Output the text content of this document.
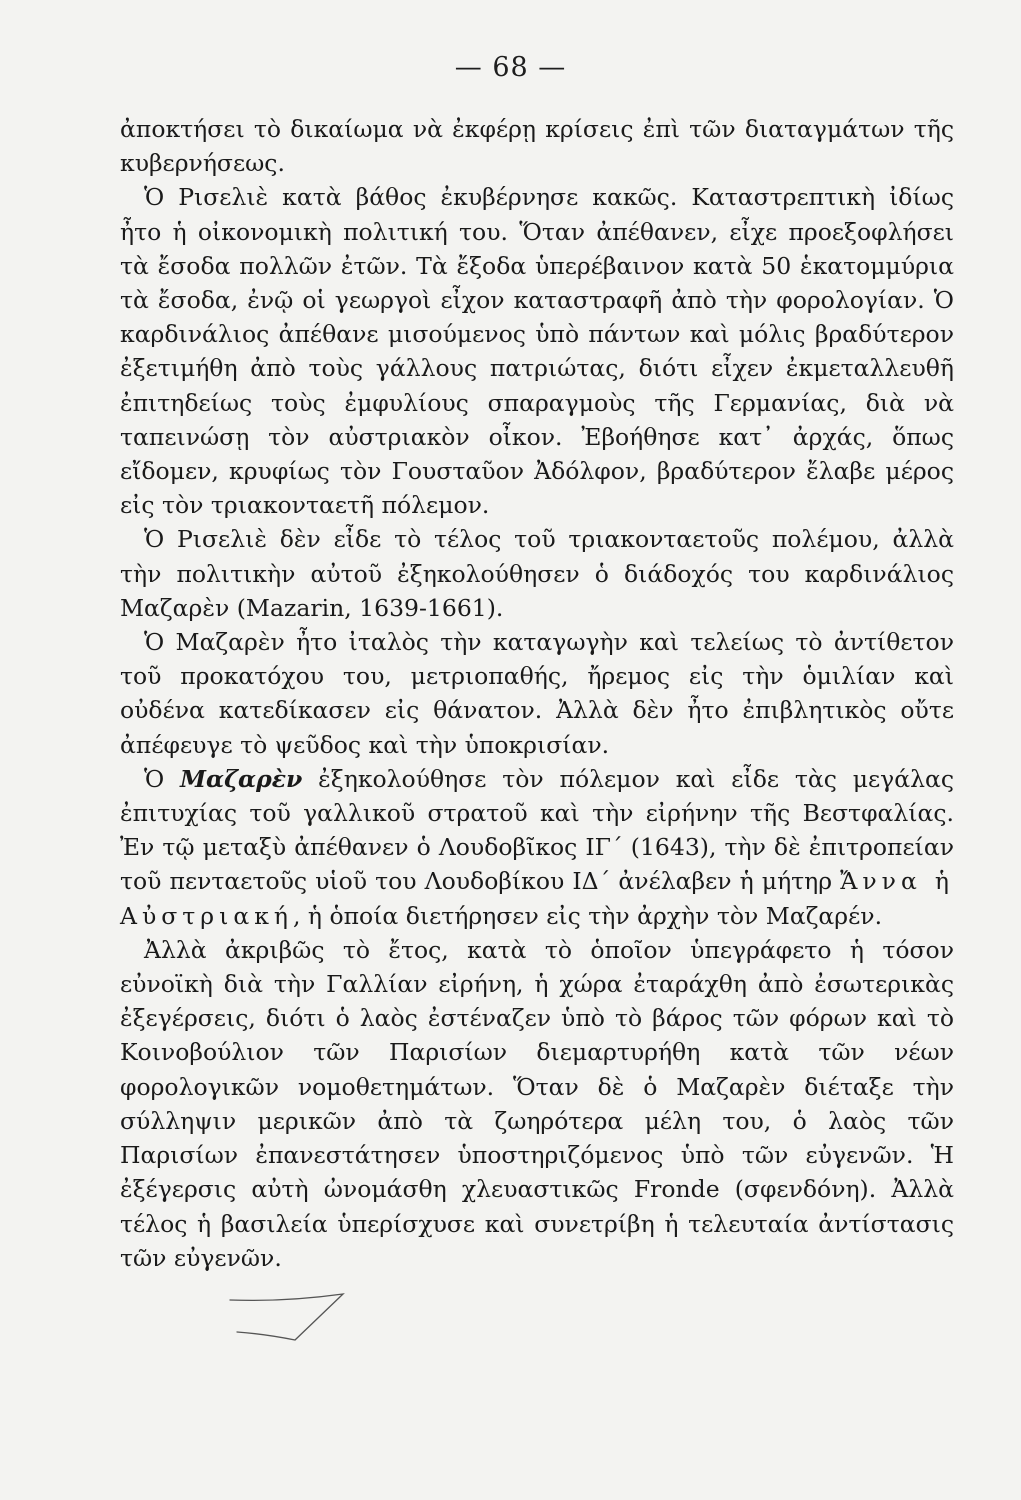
— 68 —

ἀποκτήσει τὸ δικαίωμα νὰ ἐκφέρῃ κρίσεις ἐπὶ τῶν διαταγμάτων τῆς κυβερνήσεως.

Ὁ Ρισελιὲ κατὰ βάθος ἐκυβέρνησε κακῶς. Καταστρεπτικὴ ἰδίως ἦτο ἡ οἰκονομικὴ πολιτική του. Ὅταν ἀπέθανεν, εἶχε προεξοφλήσει τὰ ἔσοδα πολλῶν ἐτῶν. Τὰ ἔξοδα ὑπερέβαινον κατὰ 50 ἑκατομμύρια τὰ ἔσοδα, ἐνῷ οἱ γεωργοὶ εἶχον καταστραφῆ ἀπὸ τὴν φορολογίαν. Ὁ καρδινάλιος ἀπέθανε μισούμενος ὑπὸ πάντων καὶ μόλις βραδύτερον ἐξετιμήθη ἀπὸ τοὺς γάλλους πατριώτας, διότι εἶχεν ἐκμεταλλευθῆ ἐπιτηδείως τοὺς ἐμφυλίους σπαραγμοὺς τῆς Γερμανίας, διὰ νὰ ταπεινώσῃ τὸν αὐστριακὸν οἶκον. Ἐβοήθησε κατ᾿ ἀρχάς, ὅπως εἴδομεν, κρυφίως τὸν Γουσταῦον Ἀδόλφον, βραδύτερον ἔλαβε μέρος εἰς τὸν τριακονταετῆ πόλεμον.

Ὁ Ρισελιὲ δὲν εἶδε τὸ τέλος τοῦ τριακονταετοῦς πολέμου, ἀλλὰ τὴν πολιτικὴν αὐτοῦ ἐξηκολούθησεν ὁ διάδοχός του καρδινάλιος Μαζαρὲν (Mazarin, 1639-1661).

Ὁ Μαζαρὲν ἦτο ἰταλὸς τὴν καταγωγὴν καὶ τελείως τὸ ἀντίθετον τοῦ προκατόχου του, μετριοπαθής, ἤρεμος εἰς τὴν ὁμιλίαν καὶ οὐδένα κατεδίκασεν εἰς θάνατον. Ἀλλὰ δὲν ἦτο ἐπιβλητικὸς οὔτε ἀπέφευγε τὸ ψεῦδος καὶ τὴν ὑποκρισίαν.

Ὁ Μαζαρὲν ἐξηκολούθησε τὸν πόλεμον καὶ εἶδε τὰς μεγάλας ἐπιτυχίας τοῦ γαλλικοῦ στρατοῦ καὶ τὴν εἰρήνην τῆς Βεστφαλίας. Ἐν τῷ μεταξὺ ἀπέθανεν ὁ Λουδοβῖκος ΙΓ΄ (1643), τὴν δὲ ἐπιτροπείαν τοῦ πενταετοῦς υἱοῦ του Λουδοβίκου ΙΔ΄ ἀνέλαβεν ἡ μήτηρ Ἄννα ἡ Αὐστριακή, ἡ ὁποία διετήρησεν εἰς τὴν ἀρχὴν τὸν Μαζαρέν.

Ἀλλὰ ἀκριβῶς τὸ ἔτος, κατὰ τὸ ὁποῖον ὑπεγράφετο ἡ τόσον εὐνοϊκὴ διὰ τὴν Γαλλίαν εἰρήνη, ἡ χώρα ἐταράχθη ἀπὸ ἐσωτερικὰς ἐξεγέρσεις, διότι ὁ λαὸς ἐστέναζεν ὑπὸ τὸ βάρος τῶν φόρων καὶ τὸ Κοινοβούλιον τῶν Παρισίων διεμαρτυρήθη κατὰ τῶν νέων φορολογικῶν νομοθετημάτων. Ὅταν δὲ ὁ Μαζαρὲν διέταξε τὴν σύλληψιν μερικῶν ἀπὸ τὰ ζωηρότερα μέλη του, ὁ λαὸς τῶν Παρισίων ἐπανεστάτησεν ὑποστηριζόμενος ὑπὸ τῶν εὐγενῶν. Ἡ ἐξέγερσις αὐτὴ ὠνομάσθη χλευαστικῶς Fronde (σφενδόνη). Ἀλλὰ τέλος ἡ βασιλεία ὑπερίσχυσε καὶ συνετρίβη ἡ τελευταία ἀντίστασις τῶν εὐγενῶν.
